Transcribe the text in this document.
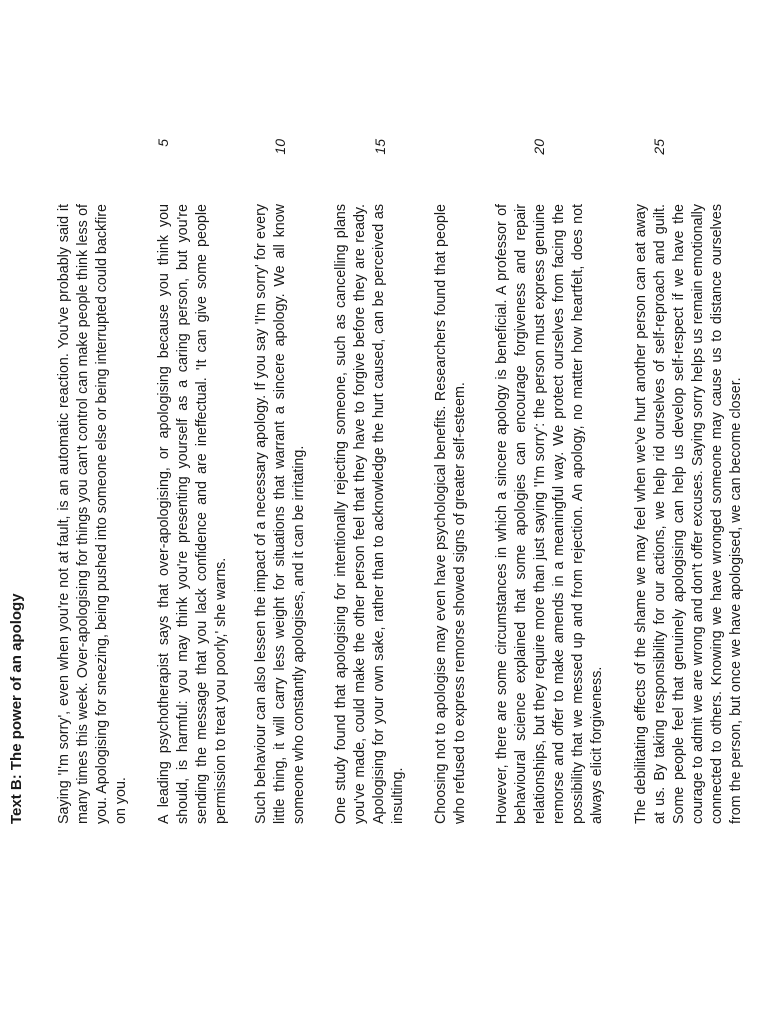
Text B: The power of an apology Saying 'I'm sorry', even when you're not at fault, is an automatic reaction. You've probably said it many times this week. Over-apologising for things you can't control can make people think less of you. Apologising for sneezing, being pushed into someone else or being interrupted could backfire on you. A leading psychotherapist says that over-apologising, or apologising because you think you should, is harmful: you may think you're presenting yourself as a caring person, but you're sending the message that you lack confidence and are ineffectual. 'It can give some people permission to treat you poorly,' she warns. Such behaviour can also lessen the impact of a necessary apology. If you say 'I'm sorry' for every little thing, it will carry less weight for situations that warrant a sincere apology. We all know someone who constantly apologises, and it can be irritating. One study found that apologising for intentionally rejecting someone, such as cancelling plans you've made, could make the other person feel that they have to forgive before they are ready. Apologising for your own sake, rather than to acknowledge the hurt caused, can be perceived as insulting. Choosing not to apologise may even have psychological benefits. Researchers found that people who refused to express remorse showed signs of greater self-esteem. However, there are some circumstances in which a sincere apology is beneficial. A professor of behavioural science explained that some apologies can encourage forgiveness and repair relationships, but they require more than just saying 'I'm sorry': the person must express genuine remorse and offer to make amends in a meaningful way. We protect ourselves from facing the possibility that we messed up and from rejection. An apology, no matter how heartfelt, does not always elicit forgiveness. The debilitating effects of the shame we may feel when we've hurt another person can eat away at us. By taking responsibility for our actions, we help rid ourselves of self-reproach and guilt. Some people feel that genuinely apologising can help us develop self-respect if we have the courage to admit we are wrong and don't offer excuses. Saying sorry helps us remain emotionally connected to others. Knowing we have wronged someone may cause us to distance ourselves from the person, but once we have apologised, we can become closer.

5	10	15	20	25
